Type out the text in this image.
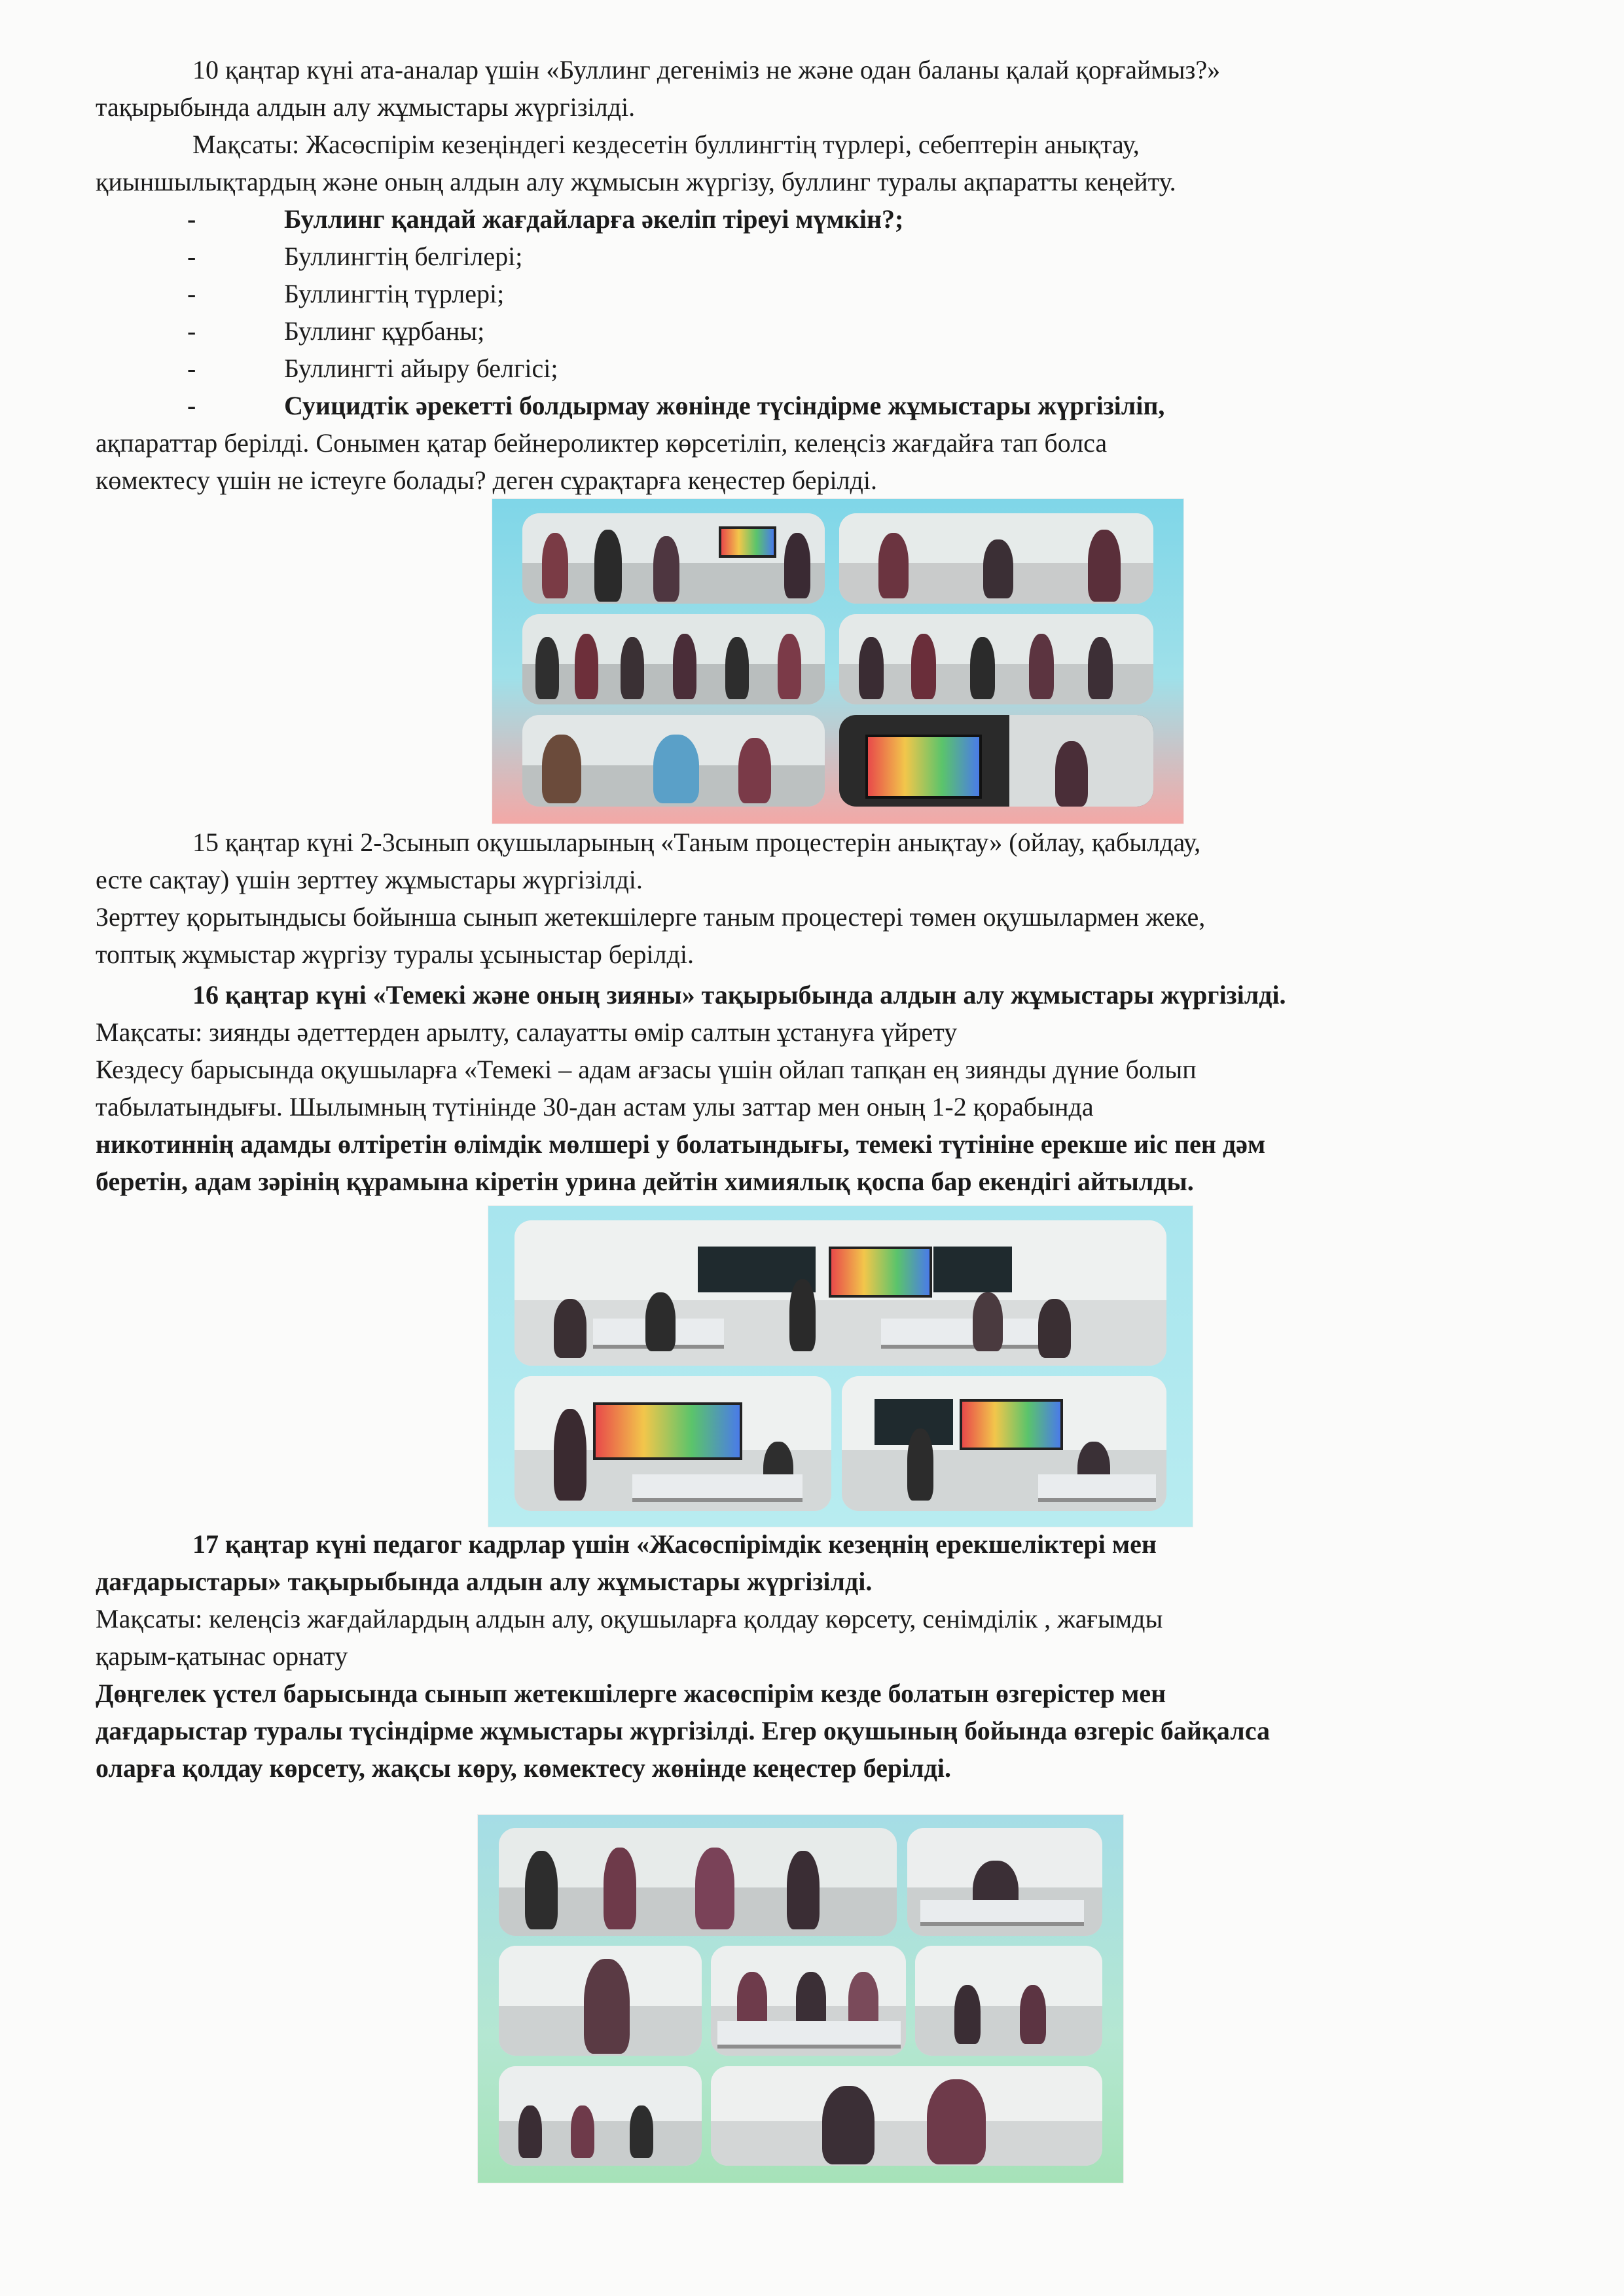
10 қаңтар күні ата-аналар үшін «Буллинг дегеніміз не және одан баланы қалай қорғаймыз?»

тақырыбында алдын алу жұмыстары жүргізілді.

Мақсаты: Жасөспірім кезеңіндегі кездесетін буллингтің түрлері, себептерін анықтау,

қиыншылықтардың және оның алдын алу жұмысын жүргізу, буллинг туралы ақпаратты кеңейту.

- Буллинг қандай жағдайларға әкеліп тіреуі мүмкін?;
- Буллингтің белгілері;
- Буллингтің түрлері;
- Буллинг құрбаны;
- Буллингті айыру белгісі;
- Суицидтік әрекетті болдырмау жөнінде түсіндірме жұмыстары жүргізіліп,

ақпараттар берілді. Сонымен қатар бейнероликтер көрсетіліп, келеңсіз жағдайға тап болса

көмектесу үшін не істеуге болады? деген сұрақтарға кеңестер берілді.

15 қаңтар күні 2-3сынып оқушыларының «Таным процестерін анықтау» (ойлау, қабылдау,

есте сақтау) үшін зерттеу жұмыстары жүргізілді.

Зерттеу қорытындысы бойынша сынып жетекшілерге таным процестері төмен оқушылармен жеке,

топтық жұмыстар жүргізу туралы ұсыныстар берілді.

16 қаңтар күні «Темекі және оның зияны» тақырыбында алдын алу жұмыстары жүргізілді.

Мақсаты: зиянды әдеттерден арылту, салауатты өмір салтын ұстануға үйрету

Кездесу барысында оқушыларға «Темекі – адам ағзасы үшін ойлап тапқан ең зиянды дүние болып

табылатындығы. Шылымның түтінінде 30-дан астам улы заттар мен оның 1-2 қорабында

никотиннің адамды өлтіретін өлімдік мөлшері у болатындығы, темекі түтініне ерекше иіс пен дәм

беретін, адам зәрінің құрамына кіретін урина дейтін химиялық қоспа бар екендігі айтылды.

17 қаңтар күні педагог кадрлар үшін «Жасөспірімдік кезеңнің ерекшеліктері мен

дағдарыстары» тақырыбында алдын алу жұмыстары жүргізілді.

Мақсаты: келеңсіз жағдайлардың алдын алу, оқушыларға қолдау көрсету, сенімділік , жағымды

қарым-қатынас орнату

Дөңгелек үстел барысында сынып жетекшілерге жасөспірім кезде болатын өзгерістер мен

дағдарыстар туралы түсіндірме жұмыстары жүргізілді. Егер оқушының бойында өзгеріс байқалса

оларға қолдау көрсету, жақсы көру, көмектесу жөнінде кеңестер берілді.
